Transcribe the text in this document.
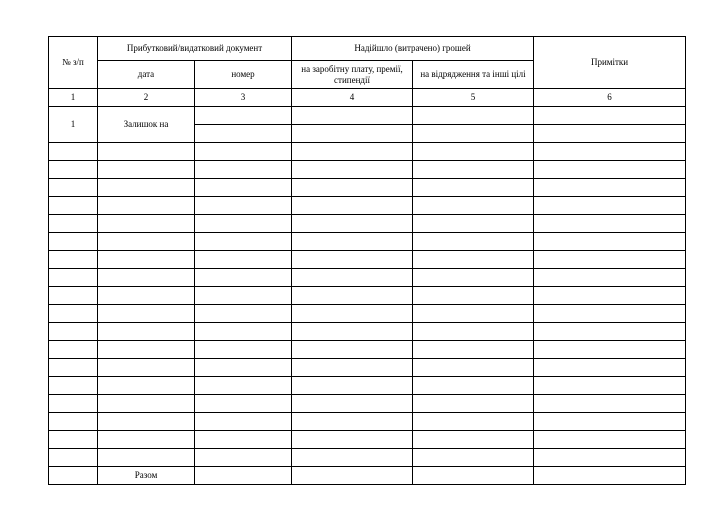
№ з/п	Прибутковий/видатковий документ		Надійшло (витрачено) грошей		Примітки
	дата	номер	на заробітну плату, премії, стипендії	на відрядження та інші цілі	
1	2	3	4	5	6
1	Залишок на				

	Разом				
